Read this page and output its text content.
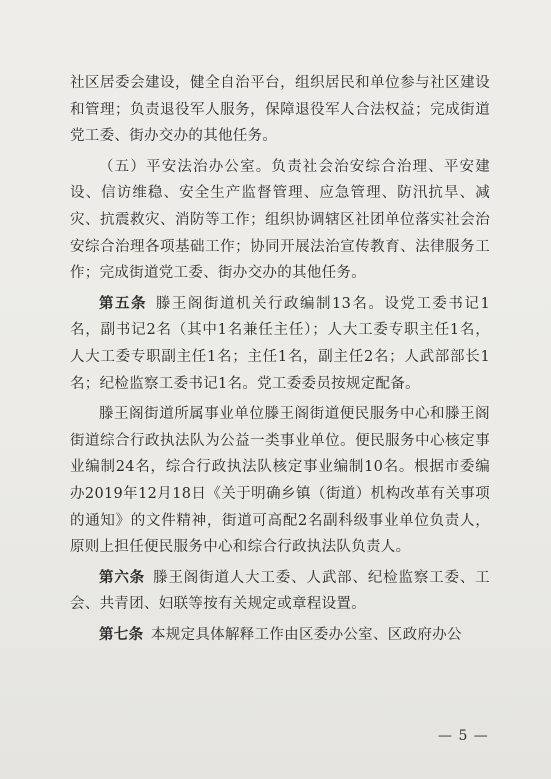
社区居委会建设，健全自治平台，组织居民和单位参与社区建设和管理；负责退役军人服务，保障退役军人合法权益；完成街道党工委、街办交办的其他任务。

（五）平安法治办公室。负责社会治安综合治理、平安建设、信访维稳、安全生产监督管理、应急管理、防汛抗旱、减灾、抗震救灾、消防等工作；组织协调辖区社团单位落实社会治安综合治理各项基础工作；协同开展法治宣传教育、法律服务工作；完成街道党工委、街办交办的其他任务。

第五条  滕王阁街道机关行政编制13名。设党工委书记1名，副书记2名（其中1名兼任主任）；人大工委专职主任1名，人大工委专职副主任1名；主任1名，副主任2名；人武部部长1名；纪检监察工委书记1名。党工委委员按规定配备。

滕王阁街道所属事业单位滕王阁街道便民服务中心和滕王阁街道综合行政执法队为公益一类事业单位。便民服务中心核定事业编制24名，综合行政执法队核定事业编制10名。根据市委编办2019年12月18日《关于明确乡镇（街道）机构改革有关事项的通知》的文件精神，街道可高配2名副科级事业单位负责人，原则上担任便民服务中心和综合行政执法队负责人。

第六条  滕王阁街道人大工委、人武部、纪检监察工委、工会、共青团、妇联等按有关规定或章程设置。

第七条  本规定具体解释工作由区委办公室、区政府办公

— 5 —
